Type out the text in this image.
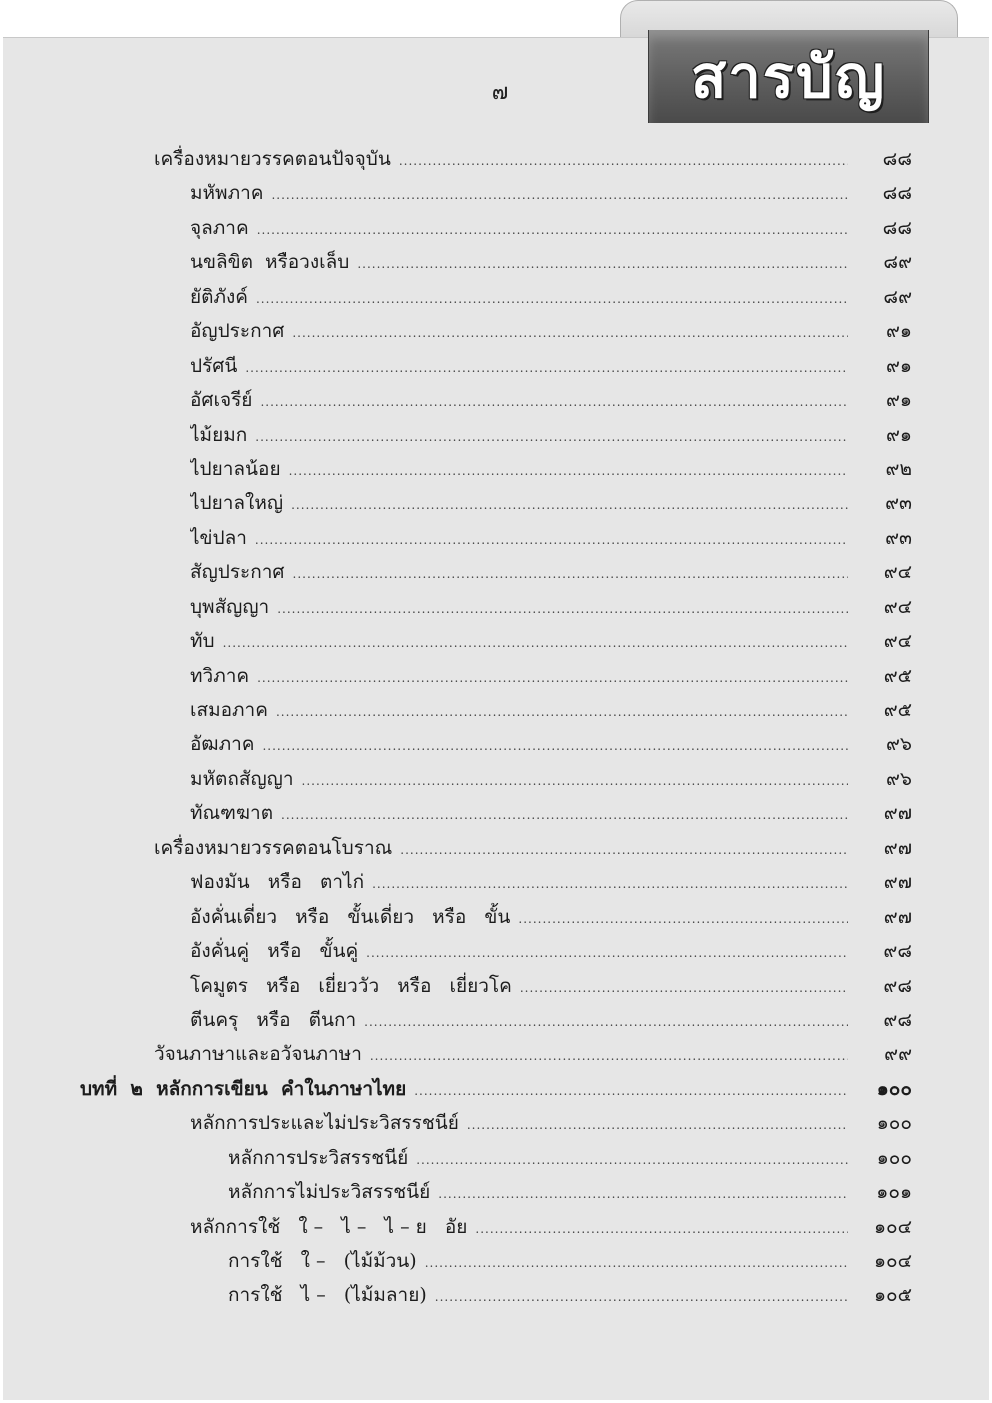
สารบัญ
๗
เครื่องหมายวรรคตอนปัจจุบัน .....	๘๘
มหัพภาค .....	๘๘
จุลภาค .....	๘๘
นขลิขิต  หรือวงเล็บ .....	๘๙
ยัติภังค์ .....	๘๙
อัญประกาศ .....	๙๑
ปรัศนี .....	๙๑
อัศเจรีย์ .....	๙๑
ไม้ยมก .....	๙๑
ไปยาลน้อย .....	๙๒
ไปยาลใหญ่ .....	๙๓
ไข่ปลา .....	๙๓
สัญประกาศ .....	๙๔
บุพสัญญา .....	๙๔
ทับ .....	๙๔
ทวิภาค .....	๙๕
เสมอภาค .....	๙๕
อัฒภาค .....	๙๖
มหัตถสัญญา .....	๙๖
ทัณฑฆาต .....	๙๗
เครื่องหมายวรรคตอนโบราณ .....	๙๗
ฟองมัน   หรือ   ตาไก่ .....	๙๗
อังคั่นเดี่ยว   หรือ   ขั้นเดี่ยว   หรือ   ขั้น .....	๙๗
อังคั่นคู่   หรือ   ขั้นคู่ .....	๙๘
โคมูตร   หรือ   เยี่ยววัว   หรือ   เยี่ยวโค .....	๙๘
ตีนครุ   หรือ   ตีนกา .....	๙๘
วัจนภาษาและอวัจนภาษา .....	๙๙
บทที่  ๒  หลักการเขียน  คำในภาษาไทย .....	๑๐๐
หลักการประและไม่ประวิสรรชนีย์ .....	๑๐๐
หลักการประวิสรรชนีย์ .....	๑๐๐
หลักการไม่ประวิสรรชนีย์ .....	๑๐๑
หลักการใช้   ใ –   ไ –   ไ – ย   อัย .....	๑๐๔
การใช้   ใ –   (ไม้ม้วน) .....	๑๐๔
การใช้   ไ –   (ไม้มลาย) .....	๑๐๕
